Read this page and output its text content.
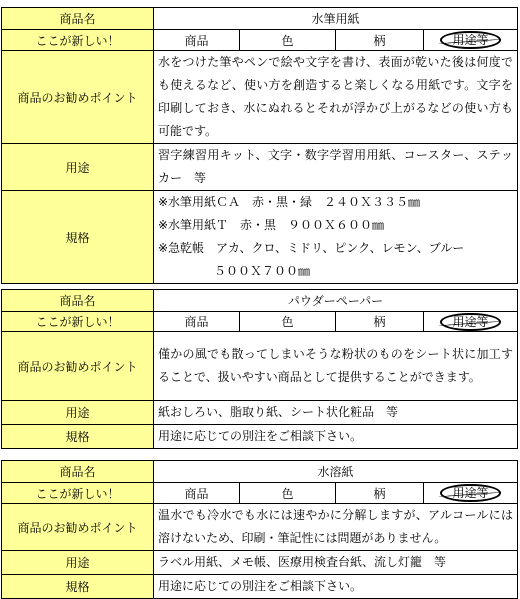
商品名	水筆用紙			
ここが新しい！	商品	色	柄	用途等
商品のお勧めポイント	水をつけた筆やペンで絵や文字を書け、表面が乾いた後は何度でも使えるなど、使い方を創造すると楽しくなる用紙です。文字を印刷しておき、水にぬれるとそれが浮かび上がるなどの使い方も可能です。			
用途	習字練習用キット、文字・数字学習用用紙、コースター、ステッカー　等			
規格	※水筆用紙ＣＡ　赤・黒・緑　２４０Ｘ３３５㎜
※水筆用紙Ｔ　赤・黒　９００Ｘ６００㎜
※急乾帳　アカ、クロ、ミドリ、ピンク、レモン、ブルー
５００Ｘ７００㎜			
商品名	パウダーペーパー			
ここが新しい！	商品	色	柄	用途等
商品のお勧めポイント	僅かの風でも散ってしまいそうな粉状のものをシート状に加工することで、扱いやすい商品として提供することができます。			
用途	紙おしろい、脂取り紙、シート状化粧品　等			
規格	用途に応じての別注をご相談下さい。			
商品名	水溶紙			
ここが新しい！	商品	色	柄	用途等
商品のお勧めポイント	温水でも冷水でも水には速やかに分解しますが、アルコールには溶けないため、印刷・筆記性には問題がありません。			
用途	ラベル用紙、メモ帳、医療用検査台紙、流し灯籠　等			
規格	用途に応じての別注をご相談下さい。			
